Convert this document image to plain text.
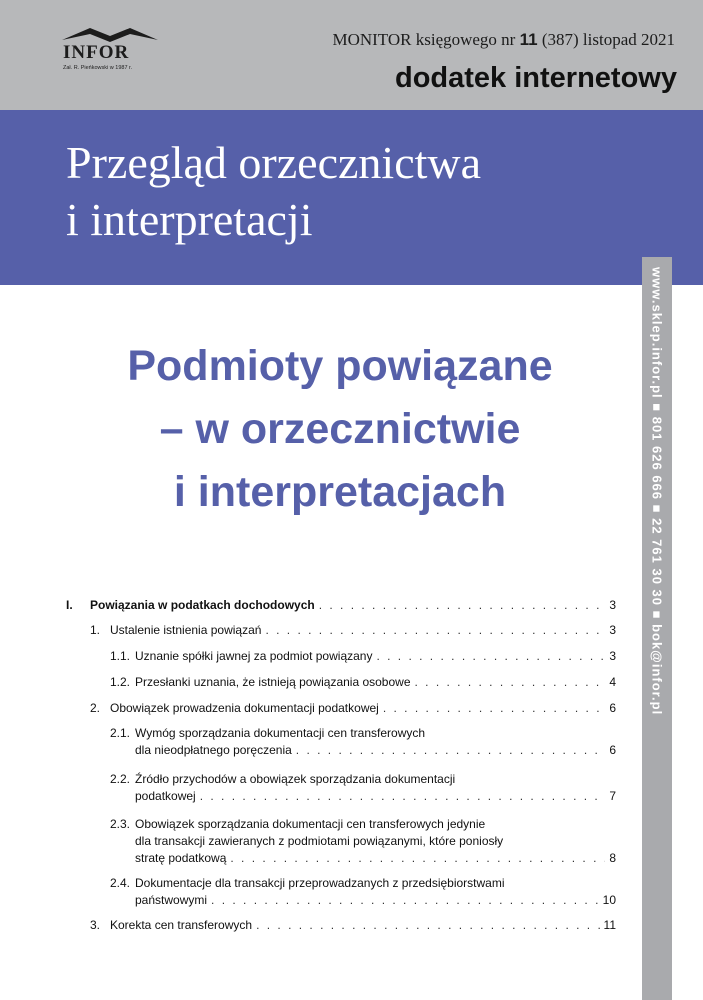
INFOR
Zał. R. Pieńkowski w 1987 r.
MONITOR księgowego nr 11 (387) listopad 2021
dodatek internetowy
Przegląd orzecznictwa
i interpretacji
www.sklep.infor.pl ■ 801 626 666 ■ 22 761 30 30 ■ bok@infor.pl
Podmioty powiązane
– w orzecznictwie
i interpretacjach
I. Powiązania w podatkach dochodowych . . .	3
1. Ustalenie istnienia powiązań . . .	3
1.1. Uznanie spółki jawnej za podmiot powiązany . . .	3
1.2. Przesłanki uznania, że istnieją powiązania osobowe . . .	4
2. Obowiązek prowadzenia dokumentacji podatkowej . . .	6
2.1. Wymóg sporządzania dokumentacji cen transferowych
dla nieodpłatnego poręczenia . . .	6
2.2. Źródło przychodów a obowiązek sporządzania dokumentacji
podatkowej . . .	7
2.3. Obowiązek sporządzania dokumentacji cen transferowych jedynie
dla transakcji zawieranych z podmiotami powiązanymi, które poniosły
stratę podatkową . . .	8
2.4. Dokumentacje dla transakcji przeprowadzanych z przedsiębiorstwami
państwowymi . . .	10
3. Korekta cen transferowych . . .	11
